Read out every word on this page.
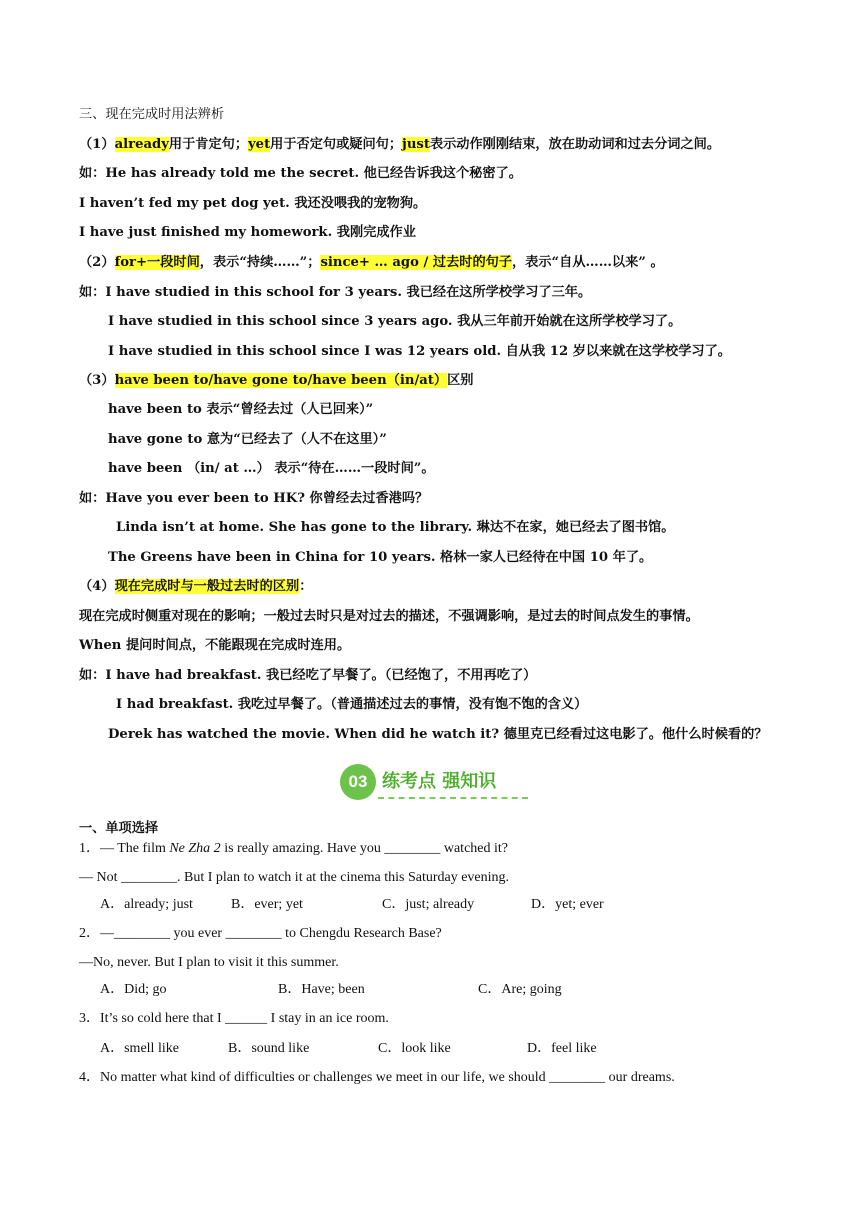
三、现在完成时用法辨析
（1）already用于肯定句；yet用于否定句或疑问句；just表示动作刚刚结束，放在助动词和过去分词之间。
如：He has already told me the secret. 他已经告诉我这个秘密了。
I haven’t fed my pet dog yet. 我还没喂我的宠物狗。
I have just finished my homework. 我刚完成作业
（2）for+一段时间，表示“持续……”；since+ … ago / 过去时的句子，表示“自从……以来” 。
如：I have studied in this school for 3 years. 我已经在这所学校学习了三年。
I have studied in this school since 3 years ago. 我从三年前开始就在这所学校学习了。
I have studied in this school since I was 12 years old. 自从我 12 岁以来就在这学校学习了。
（3）have been to/have gone to/have been（in/at）区别
have been to 表示“曾经去过（人已回来）”
have gone to 意为“已经去了（人不在这里）”
have been （in/ at …） 表示“待在……一段时间”。
如：Have you ever been to HK? 你曾经去过香港吗？
Linda isn’t at home. She has gone to the library. 琳达不在家，她已经去了图书馆。
The Greens have been in China for 10 years. 格林一家人已经待在中国 10 年了。
（4）现在完成时与一般过去时的区别：
现在完成时侧重对现在的影响；一般过去时只是对过去的描述，不强调影响，是过去的时间点发生的事情。
When 提问时间点，不能跟现在完成时连用。
如：I have had breakfast. 我已经吃了早餐了。（已经饱了，不用再吃了）
I had breakfast. 我吃过早餐了。（普通描述过去的事情，没有饱不饱的含义）
Derek has watched the movie. When did he watch it? 德里克已经看过这电影了。他什么时候看的？
03 练考点 强知识
一、单项选择
1．— The film Ne Zha 2 is really amazing. Have you ________ watched it?
— Not ________. But I plan to watch it at the cinema this Saturday evening.
A．already; just	B．ever; yet	C．just; already	D．yet; ever
2．—________ you ever ________ to Chengdu Research Base?
—No, never. But I plan to visit it this summer.
A．Did; go	B．Have; been	C．Are; going
3．It’s so cold here that I ______ I stay in an ice room.
A．smell like	B．sound like	C．look like	D．feel like
4．No matter what kind of difficulties or challenges we meet in our life, we should ________ our dreams.
